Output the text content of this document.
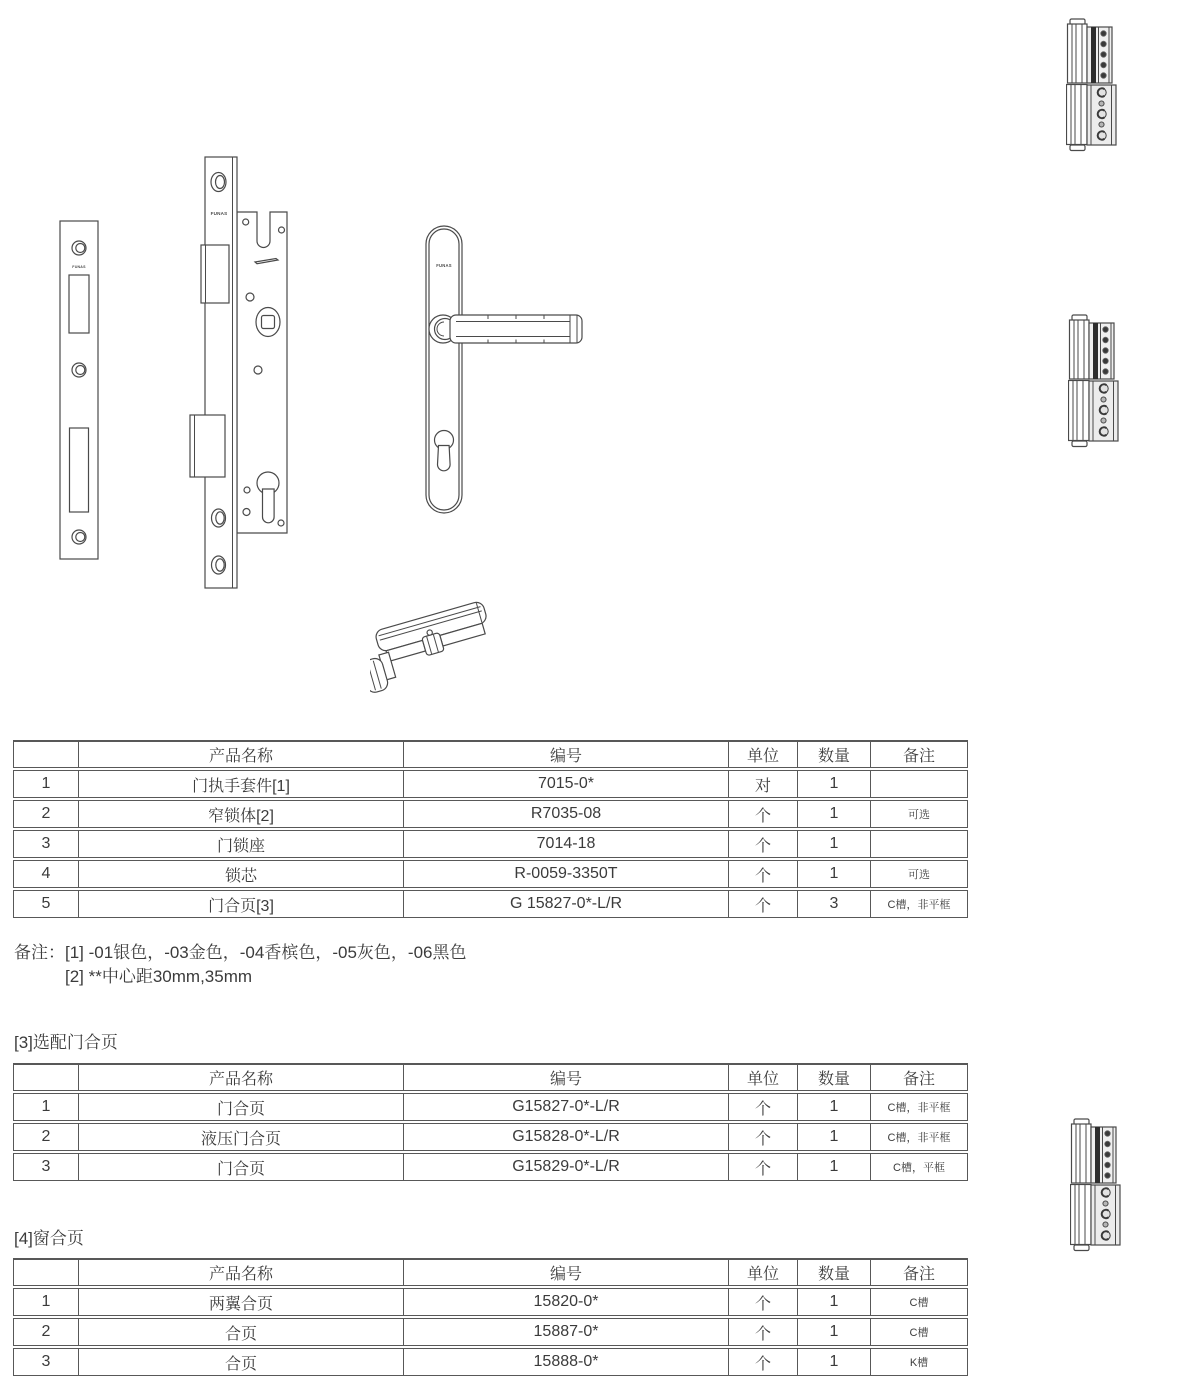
FUNAS
FUNAS
FUNAS
产品名称	编号	单位	数量	备注
1	门执手套件[1]	7015-0*	对	1
2	窄锁体[2]	R7035-08	个	1	可选
3	门锁座	7014-18	个	1
4	锁芯	R-0059-3350T	个	1	可选
5	门合页[3]	G 15827-0*-L/R	个	3	C槽，非平框
备注： [1] -01银色，-03金色，-04香槟色，-05灰色，-06黑色
[2] **中心距30mm,35mm
[3]选配门合页
产品名称	编号	单位	数量	备注
1	门合页	G15827-0*-L/R	个	1	C槽，非平框
2	液压门合页	G15828-0*-L/R	个	1	C槽，非平框
3	门合页	G15829-0*-L/R	个	1	C槽，平框
[4]窗合页
产品名称	编号	单位	数量	备注
1	两翼合页	15820-0*	个	1	C槽
2	合页	15887-0*	个	1	C槽
3	合页	15888-0*	个	1	K槽
